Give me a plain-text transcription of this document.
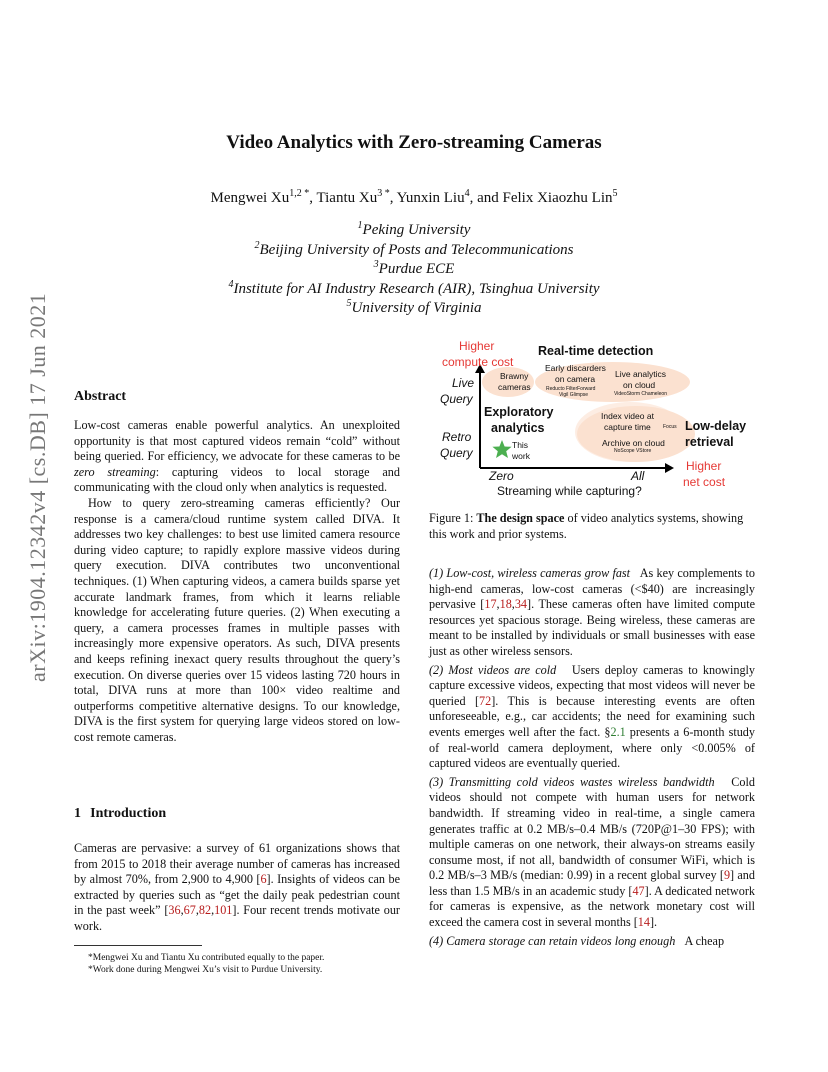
arXiv:1904.12342v4 [cs.DB] 17 Jun 2021
Video Analytics with Zero-streaming Cameras
Mengwei $Xu^{1,2 *}$, Tiantu $Xu^{3 *}$, Yunxin Liu$^4$, and Felix Xiaozhu Lin$^5$
$^1$Peking University
$^2$Beijing University of Posts and Telecommunications
$^3$Purdue ECE
$^4$Institute for AI Industry Research (AIR), Tsinghua University
$^5$University of Virginia
Abstract

Low-cost cameras enable powerful analytics. An unexploited opportunity is that most captured videos remain “cold” without being queried. For efficiency, we advocate for these cameras to be zero streaming: capturing videos to local storage and communicating with the cloud only when analytics is requested.

How to query zero-streaming cameras efficiently? Our response is a camera/cloud runtime system called DIVA. It addresses two key challenges: to best use limited camera resource during video capture; to rapidly explore massive videos during query execution. DIVA contributes two unconventional techniques. (1) When capturing videos, a camera builds sparse yet accurate landmark frames, from which it learns reliable knowledge for accelerating future queries. (2) When executing a query, a camera processes frames in multiple passes with increasingly more expensive operators. As such, DIVA presents and keeps refining inexact query results throughout the query’s execution. On diverse queries over 15 videos lasting 720 hours in total, DIVA runs at more than 100× video realtime and outperforms competitive alternative designs. To our knowledge, DIVA is the first system for querying large videos stored on low-cost remote cameras.

1 Introduction

Cameras are pervasive: a survey of 61 organizations shows that from 2015 to 2018 their average number of cameras has increased by almost 70%, from 2,900 to 4,900 [6]. Insights of videos can be extracted by queries such as “get the daily peak pedestrian count in the past week” [36,67,82,101]. Four recent trends motivate our work.

*Mengwei Xu and Tiantu Xu contributed equally to the paper.
*Work done during Mengwei Xu’s visit to Purdue University.
Higher
compute cost
Real-time detection
Live
Query
Retro
Query
Brawny
cameras
Early discarders
on camera
Reducto FilterForward
Vigil Glimpse
Live analytics
on cloud
VideoStorm Chameleon
Exploratory
analytics
This
work
Index video at
capture time Focus
Archive on cloud
NoScope VStore
Low-delay
retrieval
Zero	All
Streaming while capturing?
Higher
net cost

Figure 1: The design space of video analytics systems, showing this work and prior systems.

(1) Low-cost, wireless cameras grow fast As key complements to high-end cameras, low-cost cameras (<$40) are increasingly pervasive [17,18,34]. These cameras often have limited compute resources yet spacious storage. Being wireless, these cameras are meant to be installed by individuals or small businesses with ease just as other wireless sensors.

(2) Most videos are cold Users deploy cameras to knowingly capture excessive videos, expecting that most videos will never be queried [72]. This is because interesting events are often unforeseeable, e.g., car accidents; the need for examining such events emerges well after the fact. §2.1 presents a 6-month study of real-world camera deployment, where only <0.005% of captured videos are eventually queried.

(3) Transmitting cold videos wastes wireless bandwidth Cold videos should not compete with human users for network bandwidth. If streaming video in real-time, a single camera generates traffic at 0.2 MB/s–0.4 MB/s (720P@1–30 FPS); with multiple cameras on one network, their always-on streams easily consume most, if not all, bandwidth of consumer WiFi, which is 0.2 MB/s–3 MB/s (median: 0.99) in a recent global survey [9] and less than 1.5 MB/s in an academic study [47]. A dedicated network for cameras is expensive, as the network monetary cost will exceed the camera cost in several months [14].

(4) Camera storage can retain videos long enough A cheap
